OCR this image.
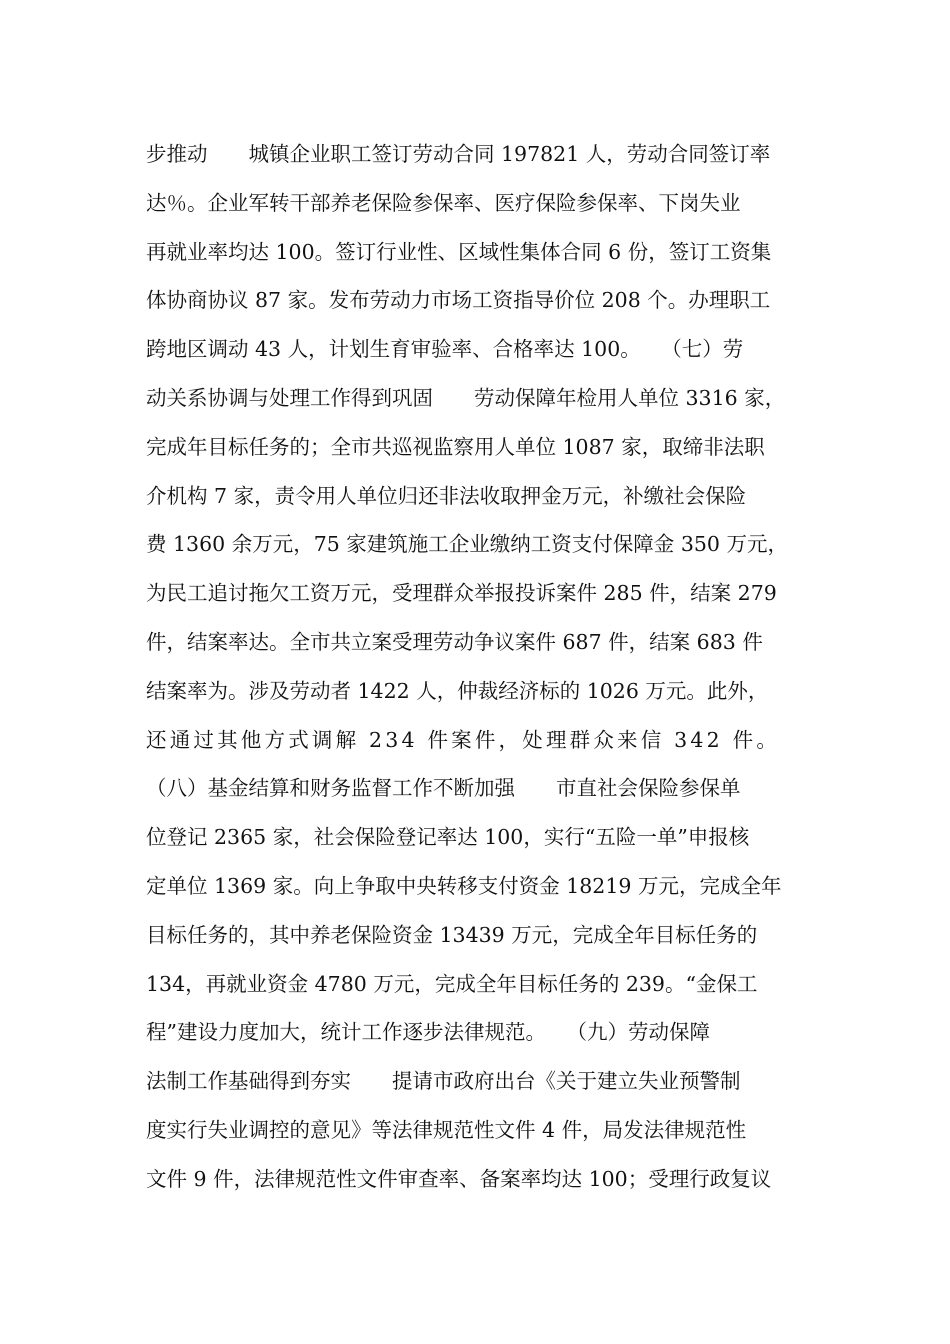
步推动　　城镇企业职工签订劳动合同 197821 人，劳动合同签订率
达％。企业军转干部养老保险参保率、医疗保险参保率、下岗失业
再就业率均达 100。签订行业性、区域性集体合同 6 份，签订工资集
体协商协议 87 家。发布劳动力市场工资指导价位 208 个。办理职工
跨地区调动 43 人，计划生育审验率、合格率达 100。　　（七）劳
动关系协调与处理工作得到巩固　　劳动保障年检用人单位 3316 家，
完成年目标任务的；全市共巡视监察用人单位 1087 家，取缔非法职
介机构 7 家，责令用人单位归还非法收取押金万元，补缴社会保险
费 1360 余万元，75 家建筑施工企业缴纳工资支付保障金 350 万元，
为民工追讨拖欠工资万元，受理群众举报投诉案件 285 件，结案 279
件，结案率达。全市共立案受理劳动争议案件 687 件，结案 683 件
结案率为。涉及劳动者 1422 人，仲裁经济标的 1026 万元。此外，
还通过其他方式调解 234 件案件，处理群众来信 342 件。
（八）基金结算和财务监督工作不断加强　　市直社会保险参保单
位登记 2365 家，社会保险登记率达 100，实行“五险一单”申报核
定单位 1369 家。向上争取中央转移支付资金 18219 万元，完成全年
目标任务的，其中养老保险资金 13439 万元，完成全年目标任务的
134，再就业资金 4780 万元，完成全年目标任务的 239。“金保工
程”建设力度加大，统计工作逐步法律规范。　　（九）劳动保障
法制工作基础得到夯实　　提请市政府出台《关于建立失业预警制
度实行失业调控的意见》等法律规范性文件 4 件，局发法律规范性
文件 9 件，法律规范性文件审查率、备案率均达 100；受理行政复议
